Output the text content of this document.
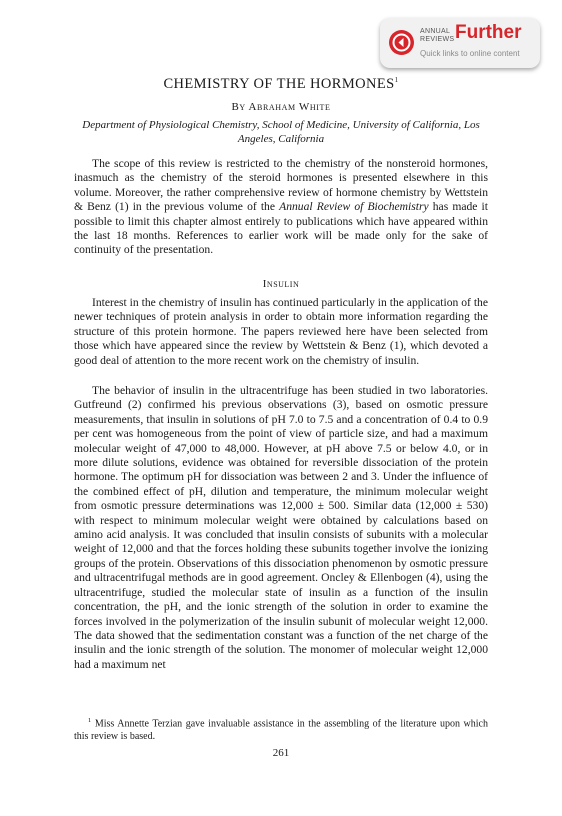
ANNUAL
REVIEWS Further
Quick links to online content
CHEMISTRY OF THE HORMONES$^1$
By Abraham White
Department of Physiological Chemistry, School of Medicine, University of California, Los Angeles, California

The scope of this review is restricted to the chemistry of the nonsteroid hormones, inasmuch as the chemistry of the steroid hormones is presented elsewhere in this volume. Moreover, the rather comprehensive review of hormone chemistry by Wettstein & Benz (1) in the previous volume of the Annual Review of Biochemistry has made it possible to limit this chapter almost entirely to publications which have appeared within the last 18 months. References to earlier work will be made only for the sake of continuity of the presentation.

Insulin

Interest in the chemistry of insulin has continued particularly in the application of the newer techniques of protein analysis in order to obtain more information regarding the structure of this protein hormone. The papers reviewed here have been selected from those which have appeared since the review by Wettstein & Benz (1), which devoted a good deal of attention to the more recent work on the chemistry of insulin.

The behavior of insulin in the ultracentrifuge has been studied in two laboratories. Gutfreund (2) confirmed his previous observations (3), based on osmotic pressure measurements, that insulin in solutions of pH 7.0 to 7.5 and a concentration of 0.4 to 0.9 per cent was homogeneous from the point of view of particle size, and had a maximum molecular weight of 47,000 to 48,000. However, at pH above 7.5 or below 4.0, or in more dilute solutions, evidence was obtained for reversible dissociation of the protein hormone. The optimum pH for dissociation was between 2 and 3. Under the influence of the combined effect of pH, dilution and temperature, the minimum molecular weight from osmotic pressure determinations was 12,000 ± 500. Similar data (12,000 ± 530) with respect to minimum molecular weight were obtained by calculations based on amino acid analysis. It was concluded that insulin consists of subunits with a molecular weight of 12,000 and that the forces holding these subunits together involve the ionizing groups of the protein. Observations of this dissociation phenomenon by osmotic pressure and ultracentrifugal methods are in good agreement. Oncley & Ellenbogen (4), using the ultracentrifuge, studied the molecular state of insulin as a function of the insulin concentration, the pH, and the ionic strength of the solution in order to examine the forces involved in the polymerization of the insulin subunit of molecular weight 12,000. The data showed that the sedimentation constant was a function of the net charge of the insulin and the ionic strength of the solution. The monomer of molecular weight 12,000 had a maximum net

$^1$ Miss Annette Terzian gave invaluable assistance in the assembling of the literature upon which this review is based.

261
